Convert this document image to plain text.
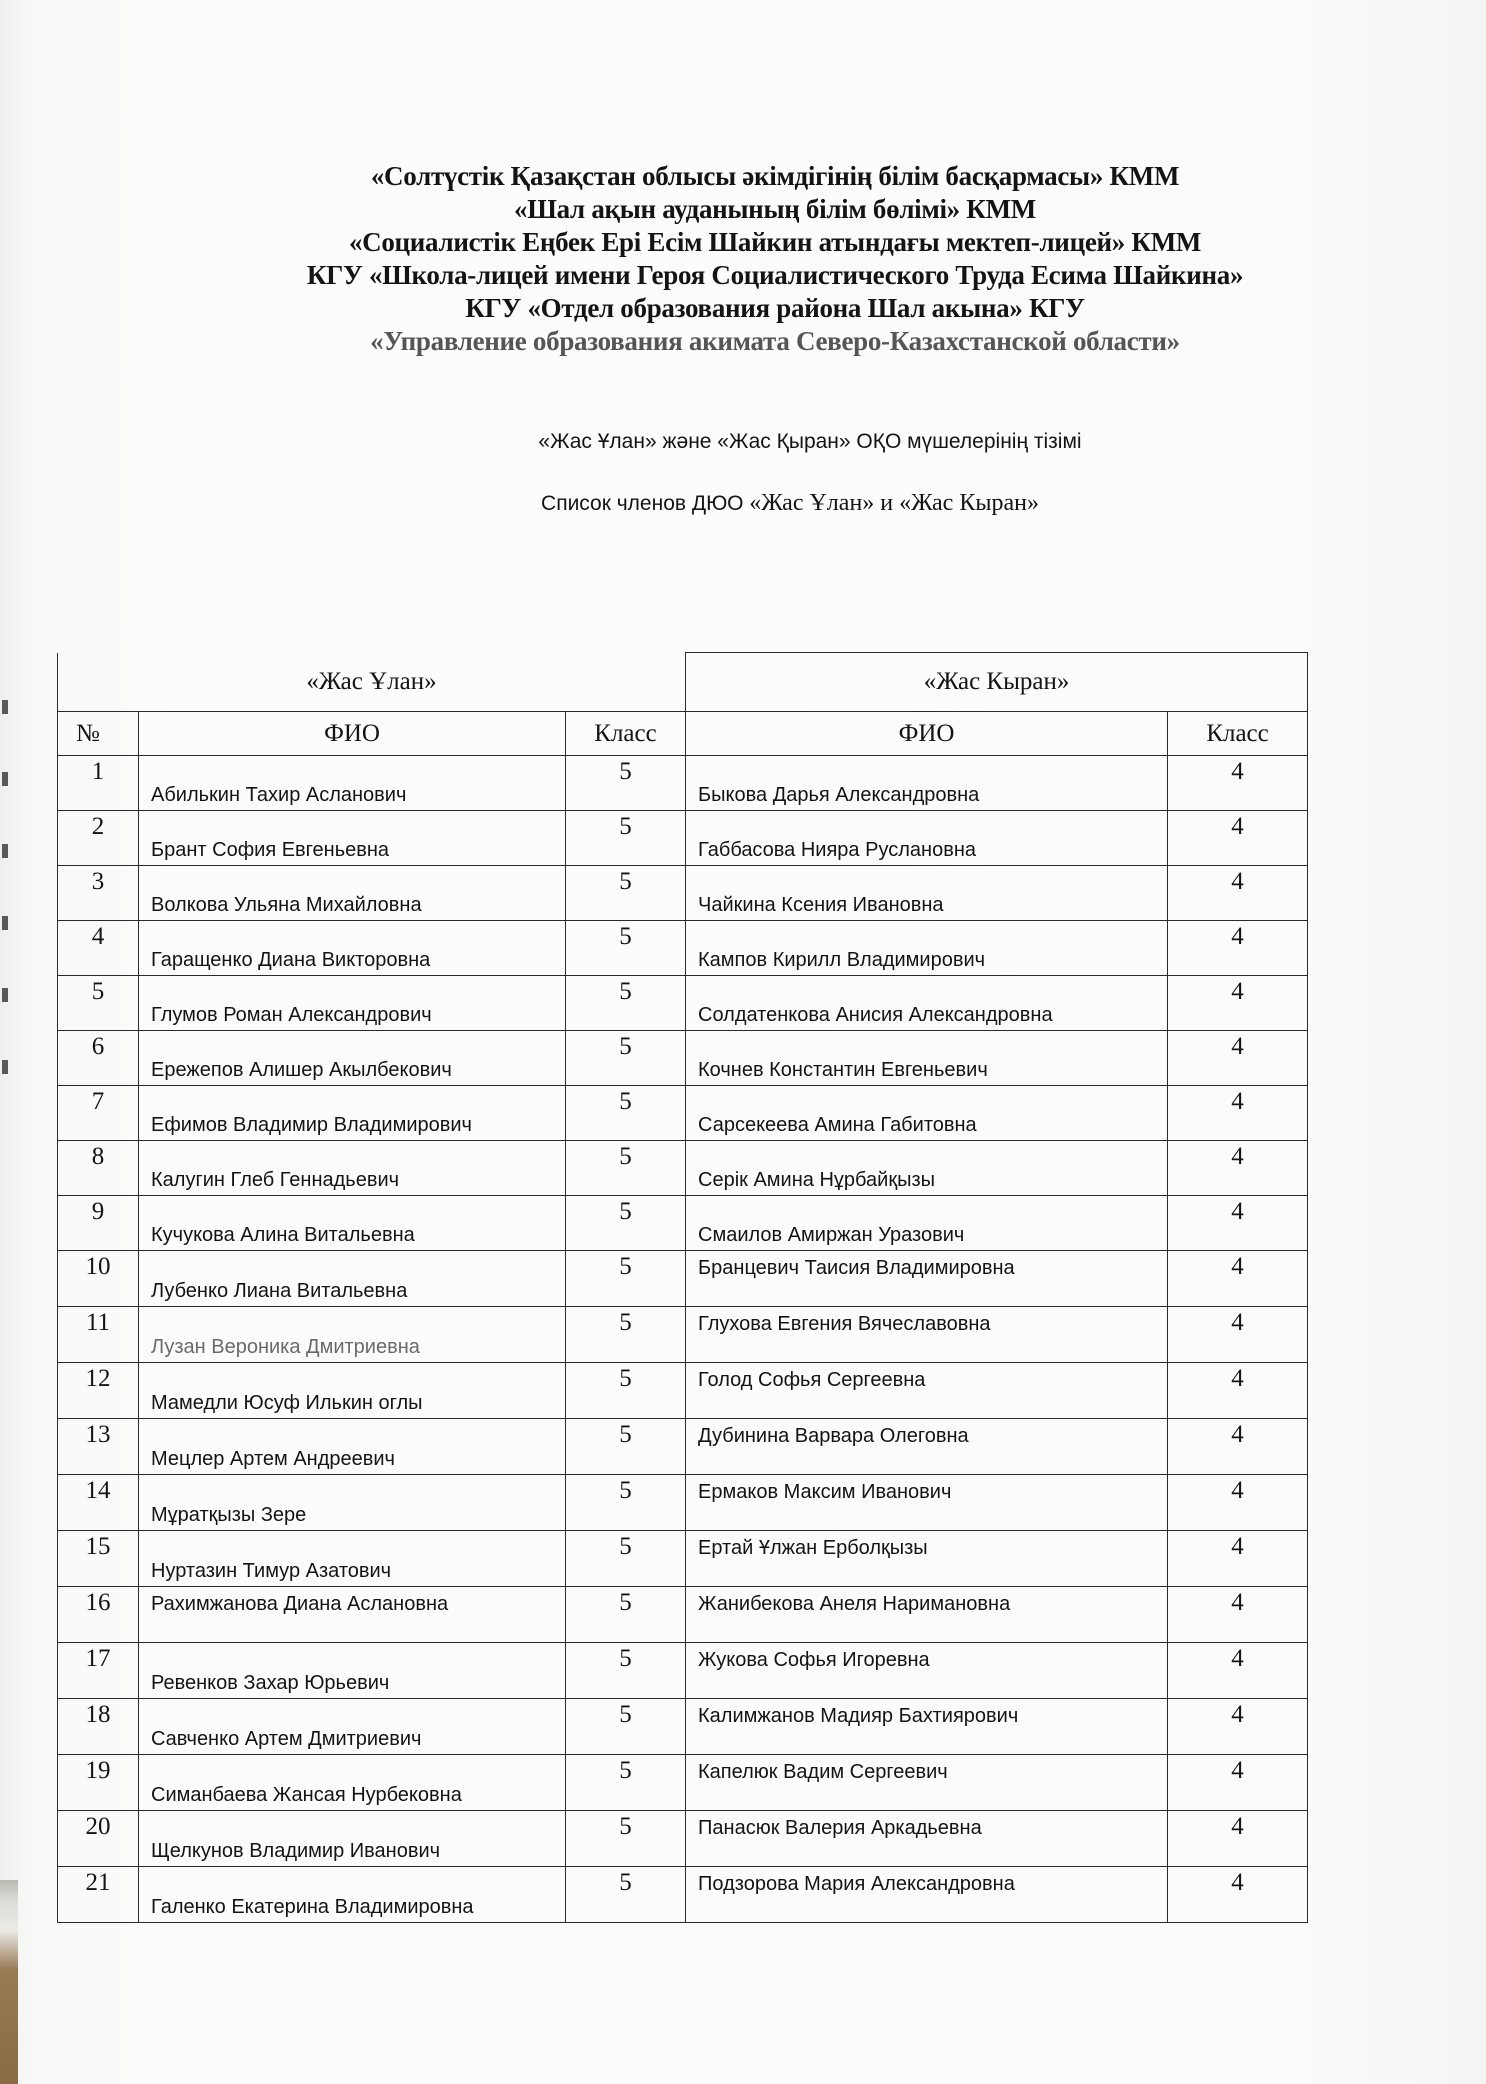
«Солтүстік Қазақстан облысы әкімдігінің білім басқармасы» КММ
«Шал ақын ауданының білім бөлімі» КММ
«Социалистік Еңбек Ері Есім Шайкин атындағы мектеп-лицей» КММ
КГУ «Школа-лицей имени Героя Социалистического Труда Есима Шайкина»
КГУ «Отдел образования района Шал акына» КГУ
«Управление образования акимата Северо-Казахстанской области»
«Жас Ұлан» және «Жас Қыран» ОҚО мүшелерінің тізімі
Список членов ДЮО «Жас Ұлан» и «Жас Кыран»
«Жас Ұлан»			«Жас Кыран»	
№	ФИО	Класс	ФИО	Класс

1	Абилькин Тахир Асланович	5	Быкова Дарья Александровна	4

2	Брант София Евгеньевна	5	Габбасова Нияра Руслановна	4

3	Волкова Ульяна Михайловна	5	Чайкина Ксения Ивановна	4

4	Гаращенко Диана Викторовна	5	Кампов Кирилл Владимирович	4

5	Глумов Роман Александрович	5	Солдатенкова Анисия Александровна	4

6	Ережепов Алишер Акылбекович	5	Кочнев Константин Евгеньевич	4

7	Ефимов Владимир Владимирович	5	Сарсекеева Амина Габитовна	4

8	Калугин Глеб Геннадьевич	5	Серік Амина Нұрбайқызы	4

9	Кучукова Алина Витальевна	5	Смаилов Амиржан Уразович	4

10	Лубенко Лиана Витальевна	5	Бранцевич Таисия Владимировна	4

11	Лузан Вероника Дмитриевна	5	Глухова Евгения Вячеславовна	4

12	Мамедли Юсуф Илькин оглы	5	Голод Софья Сергеевна	4

13	Мецлер Артем Андреевич	5	Дубинина Варвара Олеговна	4

14	Мұратқызы Зере	5	Ермаков Максим Иванович	4

15	Нуртазин Тимур Азатович	5	Ертай Ұлжан Ерболқызы	4

16	Рахимжанова Диана Аслановна	5	Жанибекова Анеля Наримановна	4

17	Ревенков Захар Юрьевич	5	Жукова Софья Игоревна	4

18	Савченко Артем Дмитриевич	5	Калимжанов Мадияр Бахтиярович	4

19	Симанбаева Жансая Нурбековна	5	Капелюк Вадим Сергеевич	4

20	Щелкунов Владимир Иванович	5	Панасюк Валерия Аркадьевна	4

21	Галенко Екатерина Владимировна	5	Подзорова Мария Александровна	4
